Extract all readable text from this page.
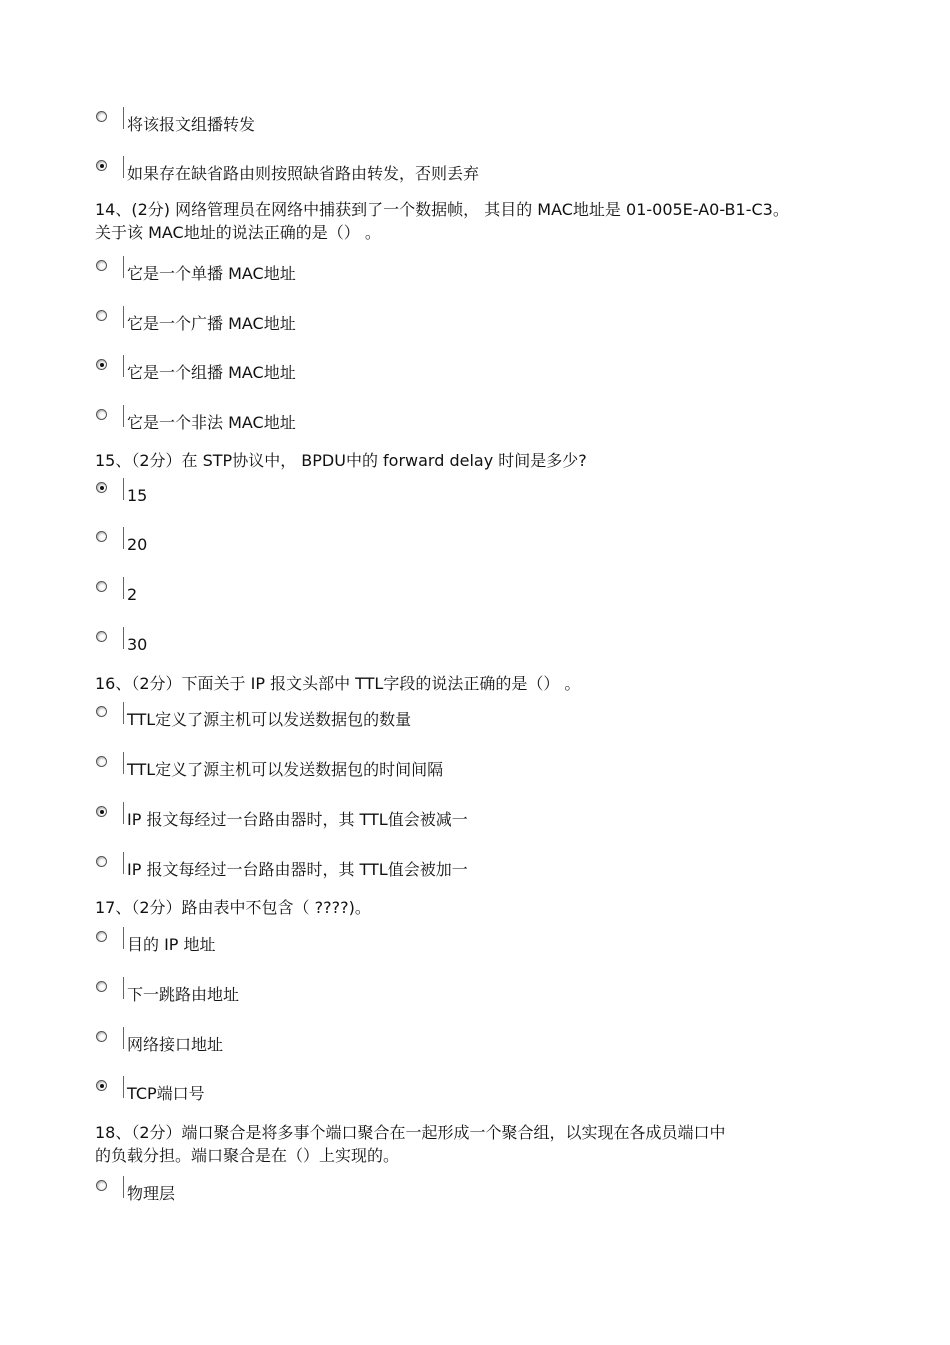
将该报文组播转发
如果存在缺省路由则按照缺省路由转发，否则丢弃
14、(2分) 网络管理员在网络中捕获到了一个数据帧， 其目的 MAC地址是 01-005E-A0-B1-C3。
关于该 MAC地址的说法正确的是（） 。
它是一个单播 MAC地址
它是一个广播 MAC地址
它是一个组播 MAC地址
它是一个非法 MAC地址
15、（2分）在 STP协议中， BPDU中的 forward delay 时间是多少?
15
20
2
30
16、（2分）下面关于 IP 报文头部中 TTL字段的说法正确的是（） 。
TTL定义了源主机可以发送数据包的数量
TTL定义了源主机可以发送数据包的时间间隔
IP 报文每经过一台路由器时，其 TTL值会被减一
IP 报文每经过一台路由器时，其 TTL值会被加一
17、（2分）路由表中不包含（ ????)。
目的 IP 地址
下一跳路由地址
网络接口地址
TCP端口号
18、（2分）端口聚合是将多事个端口聚合在一起形成一个聚合组，以实现在各成员端口中
的负载分担。端口聚合是在（）上实现的。
物理层
